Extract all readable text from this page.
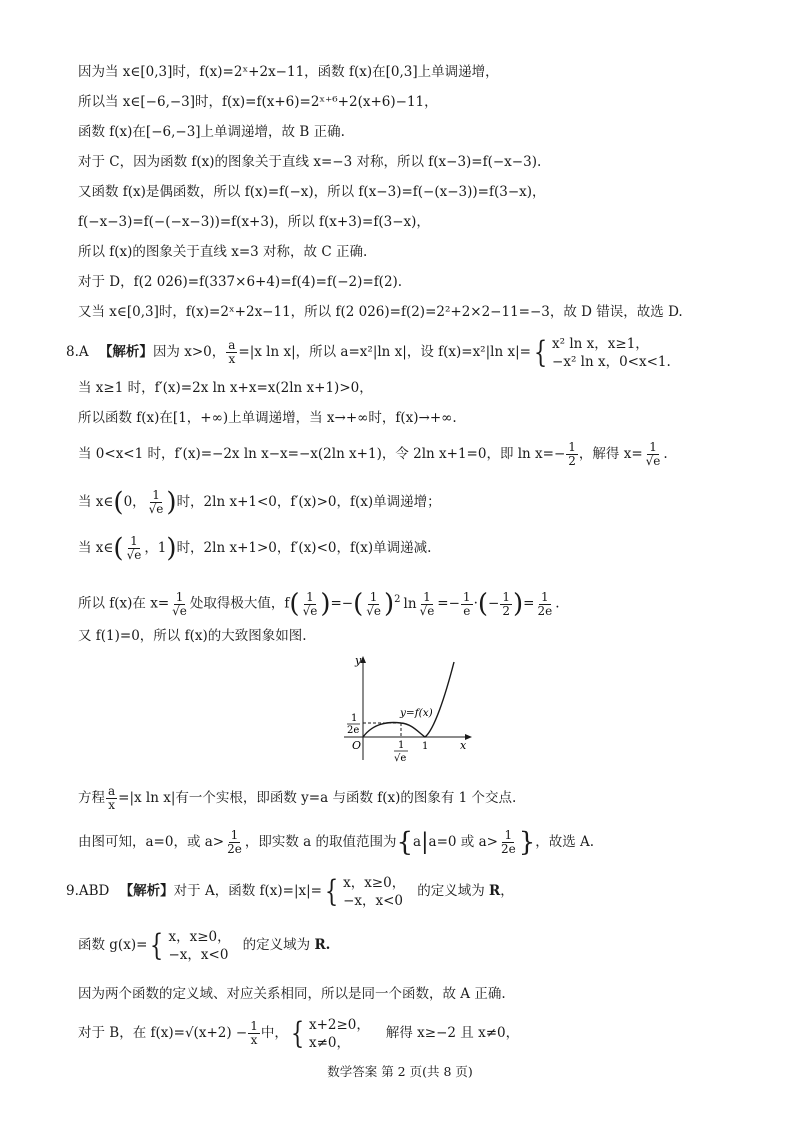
因为当 x∈[0,3]时，f(x)=2ˣ+2x−11，函数 f(x)在[0,3]上单调递增，
所以当 x∈[−6,−3]时，f(x)=f(x+6)=2ˣ⁺⁶+2(x+6)−11，
函数 f(x)在[−6,−3]上单调递增，故 B 正确.
对于 C，因为函数 f(x)的图象关于直线 x=−3 对称，所以 f(x−3)=f(−x−3).
又函数 f(x)是偶函数，所以 f(x)=f(−x)，所以 f(x−3)=f(−(x−3))=f(3−x)，
f(−x−3)=f(−(−x−3))=f(x+3)，所以 f(x+3)=f(3−x)，
所以 f(x)的图象关于直线 x=3 对称，故 C 正确.
对于 D，f(2 026)=f(337×6+4)=f(4)=f(−2)=f(2).
又当 x∈[0,3]时，f(x)=2ˣ+2x−11，所以 f(2 026)=f(2)=2²+2×2−11=−3，故 D 错误，故选 D.
8.A 【解析】因为 x>0， $\frac{a}{x} =|x$ ln x|，所以 a=x²|ln x|，设 f(x)=x²|ln x|= { x² ln x，x≥1，
−x² ln x，0<x<1.
当 x≥1 时，f′(x)=2x ln x+x=x(2ln x+1)>0，
所以函数 f(x)在[1，+∞)上单调递增，当 x→+∞时，f(x)→+∞.
当 0<x<1 时，f′(x)=−2x ln x−x=−x(2ln x+1)，令 2ln x+1=0，即 $\ln x=- \frac{1}{2}$ ，解得 $x= \frac{1}{√e}$ .
当 x∈(0， $\frac{1}{√e}$ )时，2ln x+1<0，f′(x)>0，f(x)单调递增；
当 x∈( $\frac{1}{√e}$ ，1)时，2ln x+1>0，f′(x)<0，f(x)单调递减.
所以 f(x)在 $x= \frac{1}{√e}$ 处取得极大值，$f( \frac{1}{√e}$ )=−( $\frac{1}{√e} )^2$ $\ln \frac{1}{√e} =- \frac{1}{e}$ ·(− $\frac{1}{2}$ )= $\frac{1}{2e}$ .
又 f(1)=0，所以 f(x)的大致图象如图.
y
x
O
y=f(x)
1
2e
1
√e
1
方程 $\frac{a}{x} =|x$ ln x|有一个实根，即函数 y=a 与函数 f(x)的图象有 1 个交点.
由图可知，a=0，或 $a> \frac{1}{2e}$ ，即实数 a 的取值范围为{a|a=0 或 $a> \frac{1}{2e}$ }，故选 A.
9.ABD 【解析】对于 A，函数 f(x)=|x|= { x，x≥0，
−x，x<0
的定义域为 R，
函数 g(x)= { x，x≥0，
−x，x<0
的定义域为 R.
因为两个函数的定义域、对应关系相同，所以是同一个函数，故 A 正确.
对于 B，在 $f(x)=√(x+2) - \frac{1}{x}$ 中， { x+2≥0，
x≠0，
解得 x≥−2 且 x≠0，
数学答案 第 2 页(共 8 页)
